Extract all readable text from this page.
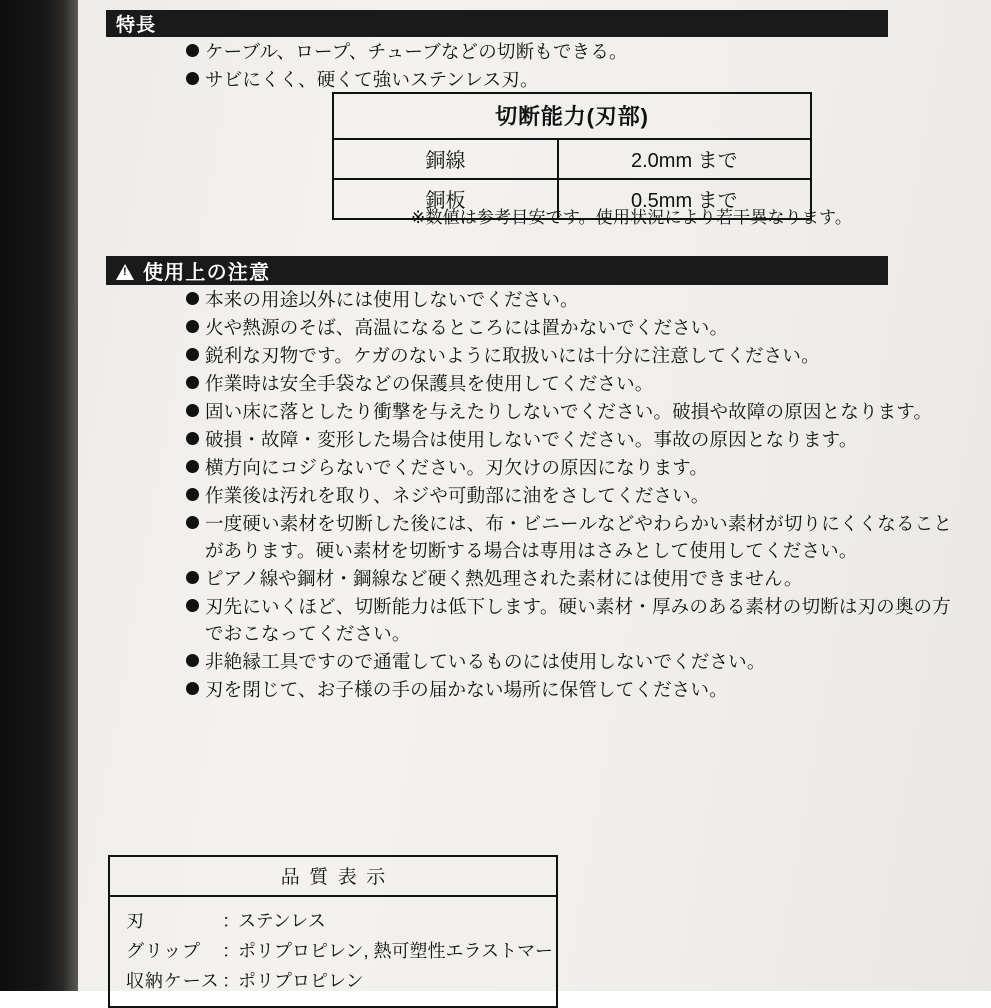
特長
ケーブル、ロープ、チューブなどの切断もできる。
サビにくく、硬くて強いステンレス刃。
切断能力(刃部)	
銅線	2.0mm まで
銅板	0.5mm まで
※数値は参考目安です。使用状況により若干異なります。
!
使用上の注意
本来の用途以外には使用しないでください。
火や熱源のそば、高温になるところには置かないでください。
鋭利な刃物です。ケガのないように取扱いには十分に注意してください。
作業時は安全手袋などの保護具を使用してください。
固い床に落としたり衝撃を与えたりしないでください。破損や故障の原因となります。
破損・故障・変形した場合は使用しないでください。事故の原因となります。
横方向にコジらないでください。刃欠けの原因になります。
作業後は汚れを取り、ネジや可動部に油をさしてください。
一度硬い素材を切断した後には、布・ビニールなどやわらかい素材が切りにくくなることがあります。硬い素材を切断する場合は専用はさみとして使用してください。
ピアノ線や鋼材・鋼線など硬く熱処理された素材には使用できません。
刃先にいくほど、切断能力は低下します。硬い素材・厚みのある素材の切断は刃の奥の方でおこなってください。
非絶縁工具ですので通電しているものには使用しないでください。
刃を閉じて、お子様の手の届かない場所に保管してください。
品質表示
刃	：
ステンレス
グリップ	：
ポリプロピレン, 熱可塑性エラストマー
収納ケース ：
ポリプロピレン
